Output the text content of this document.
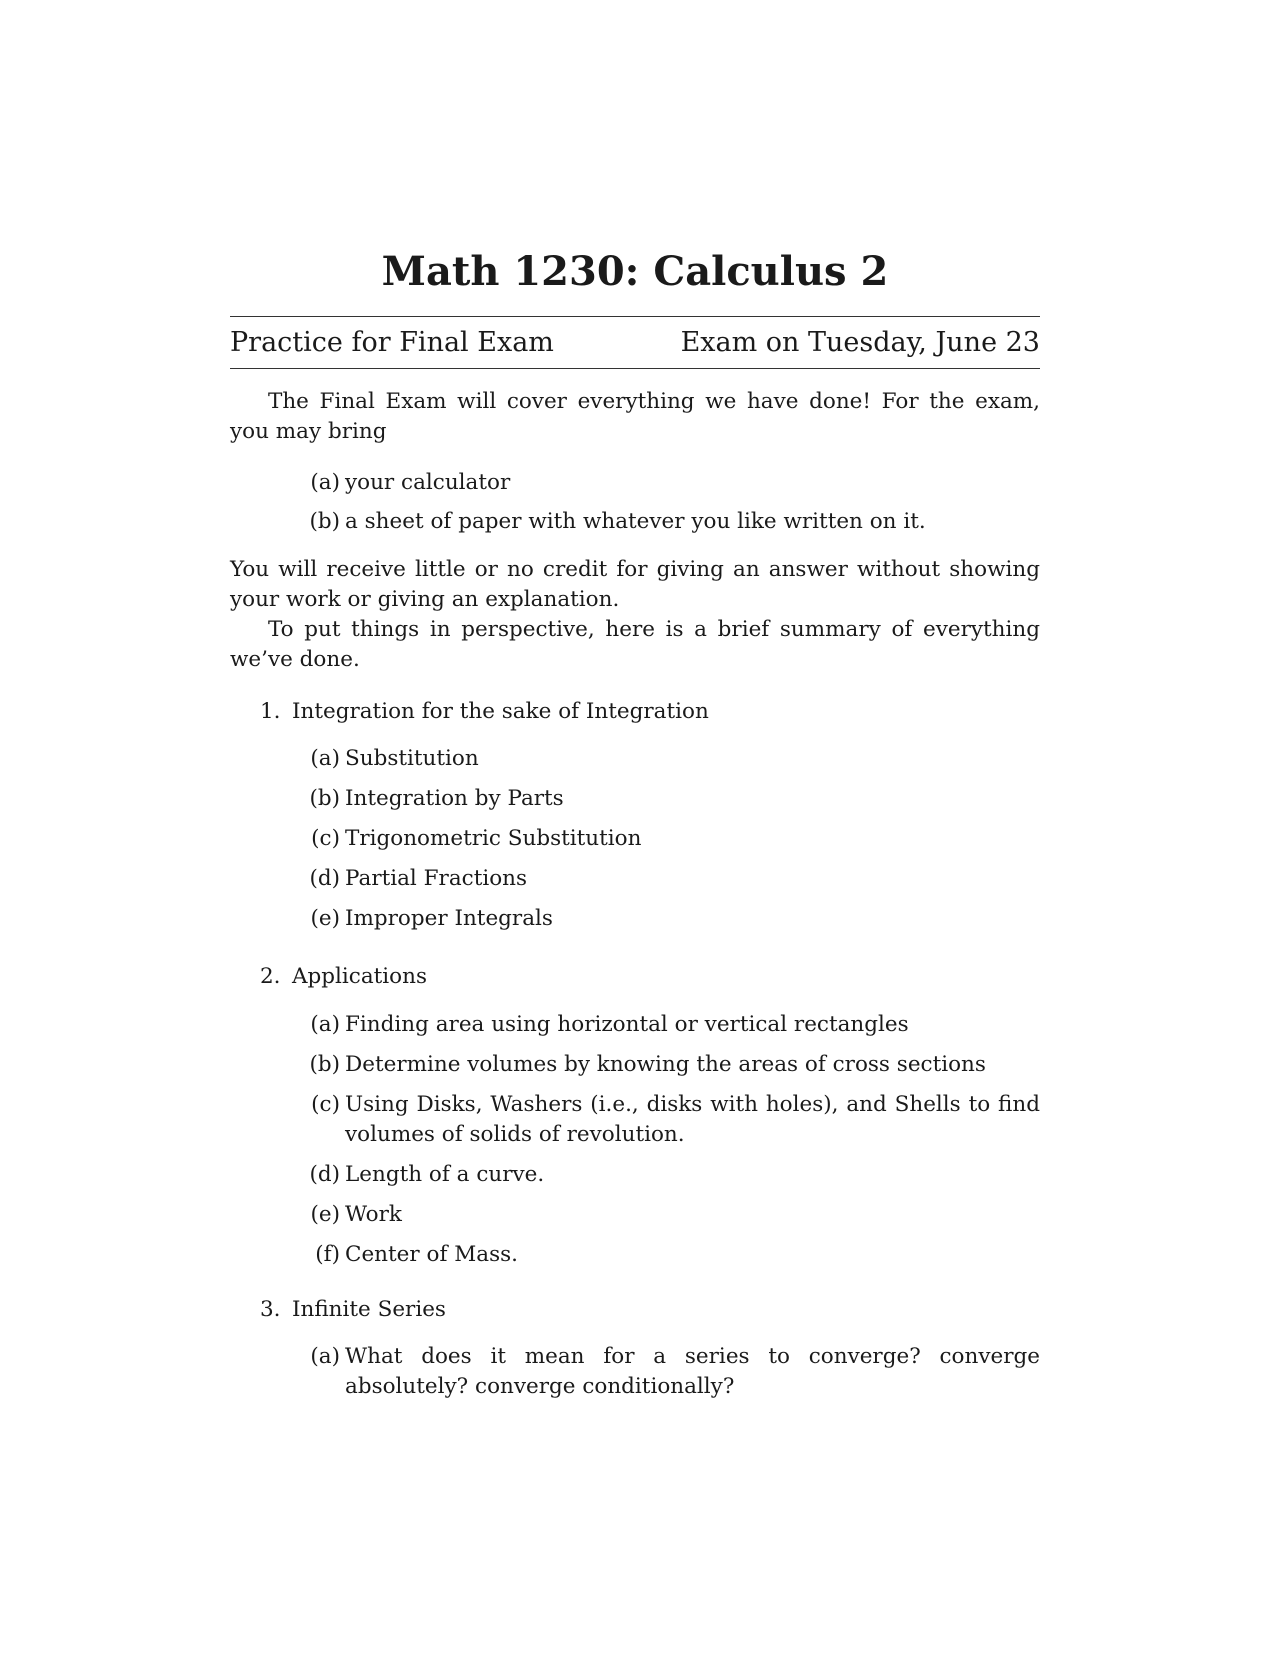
Math 1230: Calculus 2
Practice for Final Exam	Exam on Tuesday, June 23

The Final Exam will cover everything we have done! For the exam, you may bring

(a) your calculator
(b) a sheet of paper with whatever you like written on it.

You will receive little or no credit for giving an answer without showing your work or giving an explanation.

To put things in perspective, here is a brief summary of everything we’ve done.

1. Integration for the sake of Integration
(a) Substitution
(b) Integration by Parts
(c) Trigonometric Substitution
(d) Partial Fractions
(e) Improper Integrals
2. Applications
(a) Finding area using horizontal or vertical rectangles
(b) Determine volumes by knowing the areas of cross sections
(c) Using Disks, Washers (i.e., disks with holes), and Shells to find volumes of solids of revolution.
(d) Length of a curve.
(e) Work
(f) Center of Mass.
3. Infinite Series
(a) What does it mean for a series to converge? converge absolutely? converge conditionally?
